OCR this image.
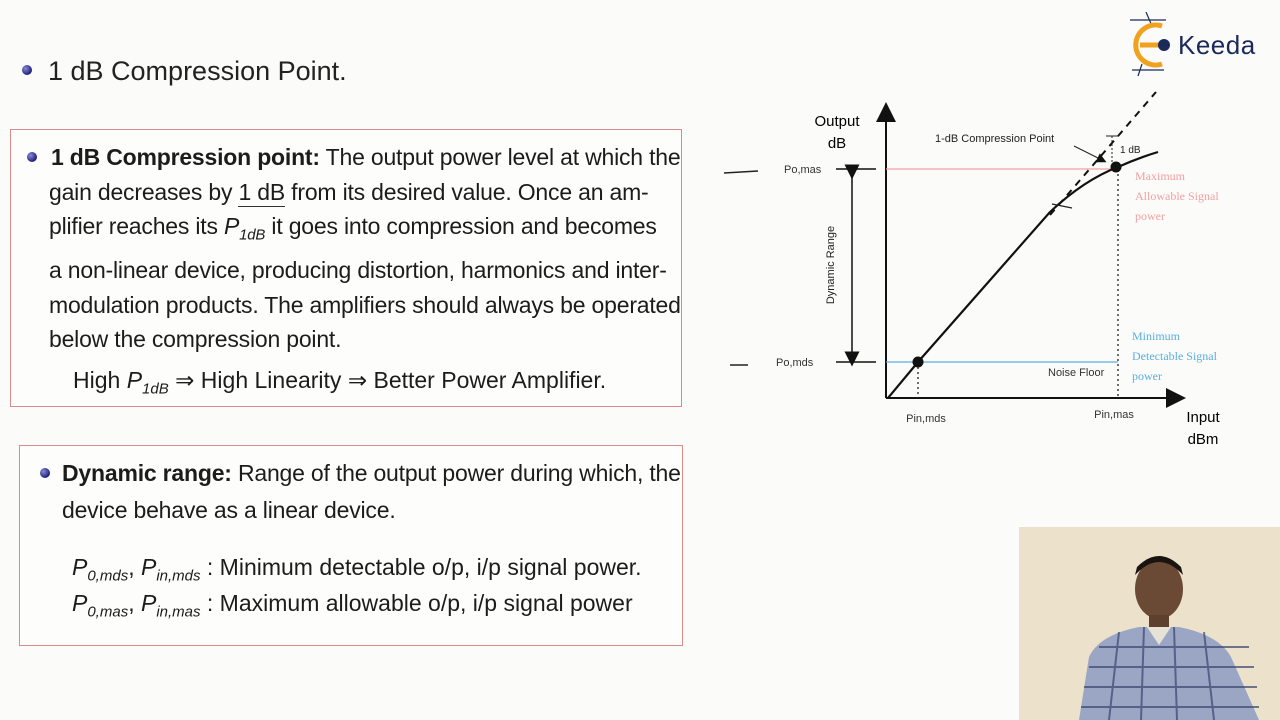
1 dB Compression Point.
Keeda
1 dB Compression point: The output power level at which the
gain decreases by 1 dB from its desired value. Once an am-
plifier reaches its $P_{1dB}$ it goes into compression and becomes
a non-linear device, producing distortion, harmonics and inter-
modulation products. The amplifiers should always be operated
below the compression point.
High $P_{1dB}$ ⇒ High Linearity ⇒ Better Power Amplifier.
Dynamic range: Range of the output power during which, the
device behave as a linear device.
$P_{0,mds}$, $P_{in,mds}$ : Minimum detectable o/p, i/p signal power.
$P_{0,mas}$, $P_{in,mas}$ : Maximum allowable o/p, i/p signal power
Output
dB
Input
dBm
Po,mas
Po,mds
Dynamic Range
Pin,mds	Pin,mas
1 dB
1-dB Compression Point
Noise Floor
Maximum
Allowable Signal
power
Minimum
Detectable Signal
power
